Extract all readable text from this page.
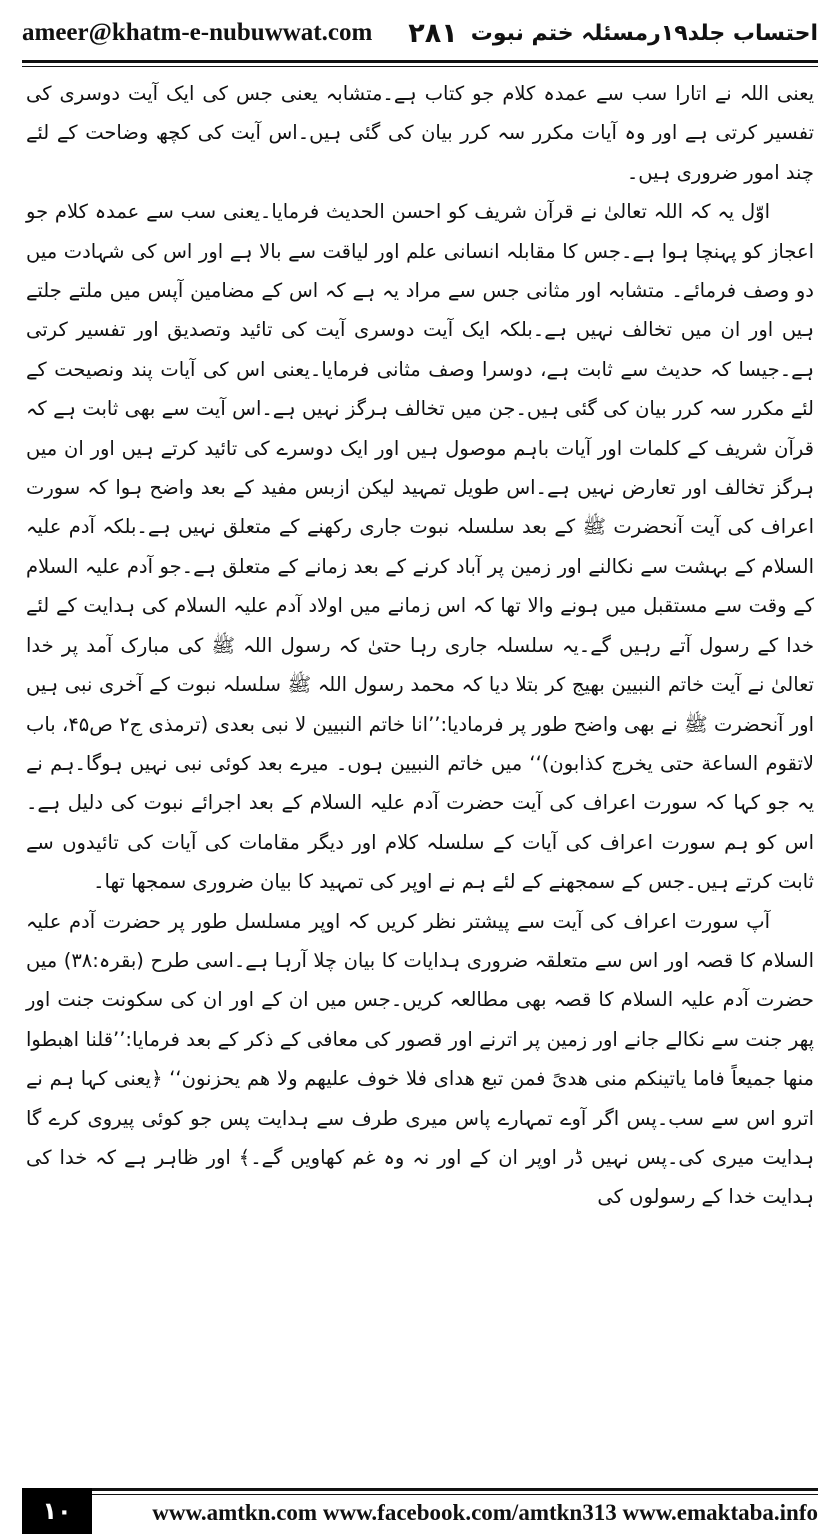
ameer@khatm-e-nubuwwat.com ۲۸۱ احتساب جلد۱۹رمسئلہ ختم نبوت

یعنی اللہ نے اتارا سب سے عمدہ کلام جو کتاب ہے۔متشابہ یعنی جس کی ایک آیت دوسری کی تفسیر کرتی ہے اور وہ آیات مکرر سہ کرر بیان کی گئی ہیں۔اس آیت کی کچھ وضاحت کے لئے چند امور ضروری ہیں۔

اوّل یہ کہ اللہ تعالیٰ نے قرآن شریف کو احسن الحدیث فرمایا۔یعنی سب سے عمدہ کلام جو اعجاز کو پہنچا ہوا ہے۔جس کا مقابلہ انسانی علم اور لیاقت سے بالا ہے اور اس کی شہادت میں دو وصف فرمائے۔ متشابہ اور مثانی جس سے مراد یہ ہے کہ اس کے مضامین آپس میں ملتے جلتے ہیں اور ان میں تخالف نہیں ہے۔بلکہ ایک آیت دوسری آیت کی تائید وتصدیق اور تفسیر کرتی ہے۔جیسا کہ حدیث سے ثابت ہے، دوسرا وصف مثانی فرمایا۔یعنی اس کی آیات پند ونصیحت کے لئے مکرر سہ کرر بیان کی گئی ہیں۔جن میں تخالف ہرگز نہیں ہے۔اس آیت سے بھی ثابت ہے کہ قرآن شریف کے کلمات اور آیات باہم موصول ہیں اور ایک دوسرے کی تائید کرتے ہیں اور ان میں ہرگز تخالف اور تعارض نہیں ہے۔اس طویل تمہید لیکن ازبس مفید کے بعد واضح ہوا کہ سورت اعراف کی آیت آنحضرت ﷺ کے بعد سلسلہ نبوت جاری رکھنے کے متعلق نہیں ہے۔بلکہ آدم علیہ السلام کے بہشت سے نکالنے اور زمین پر آباد کرنے کے بعد زمانے کے متعلق ہے۔جو آدم علیہ السلام کے وقت سے مستقبل میں ہونے والا تھا کہ اس زمانے میں اولاد آدم علیہ السلام کی ہدایت کے لئے خدا کے رسول آتے رہیں گے۔یہ سلسلہ جاری رہا حتیٰ کہ رسول اللہ ﷺ کی مبارک آمد پر خدا تعالیٰ نے آیت خاتم النبیین بھیج کر بتلا دیا کہ محمد رسول اللہ ﷺ سلسلہ نبوت کے آخری نبی ہیں اور آنحضرت ﷺ نے بھی واضح طور پر فرمادیا:’’انا خاتم النبیین لا نبی بعدی (ترمذی ج۲ ص۴۵، باب لاتقوم الساعة حتی یخرج کذابون)‘‘ میں خاتم النبیین ہوں۔ میرے بعد کوئی نبی نہیں ہوگا۔ہم نے یہ جو کہا کہ سورت اعراف کی آیت حضرت آدم علیہ السلام کے بعد اجرائے نبوت کی دلیل ہے۔اس کو ہم سورت اعراف کی آیات کے سلسلہ کلام اور دیگر مقامات کی آیات کی تائیدوں سے ثابت کرتے ہیں۔جس کے سمجھنے کے لئے ہم نے اوپر کی تمہید کا بیان ضروری سمجھا تھا۔

آپ سورت اعراف کی آیت سے پیشتر نظر کریں کہ اوپر مسلسل طور پر حضرت آدم علیہ السلام کا قصہ اور اس سے متعلقہ ضروری ہدایات کا بیان چلا آرہا ہے۔اسی طرح (بقرہ:۳۸) میں حضرت آدم علیہ السلام کا قصہ بھی مطالعہ کریں۔جس میں ان کے اور ان کی سکونت جنت اور پھر جنت سے نکالے جانے اور زمین پر اترنے اور قصور کی معافی کے ذکر کے بعد فرمایا:’’قلنا اهبطوا منها جميعاً فاما ياتينكم منى هدىً فمن تبع هداى فلا خوف عليهم ولا هم يحزنون‘‘ ﴿یعنی کہا ہم نے اترو اس سے سب۔پس اگر آوے تمہارے پاس میری طرف سے ہدایت پس جو کوئی پیروی کرے گا ہدایت میری کی۔پس نہیں ڈر اوپر ان کے اور نہ وہ غم کھاویں گے۔﴾ اور ظاہر ہے کہ خدا کی ہدایت خدا کے رسولوں کی

۱۰	www.amtkn.com www.facebook.com/amtkn313 www.emaktaba.info
